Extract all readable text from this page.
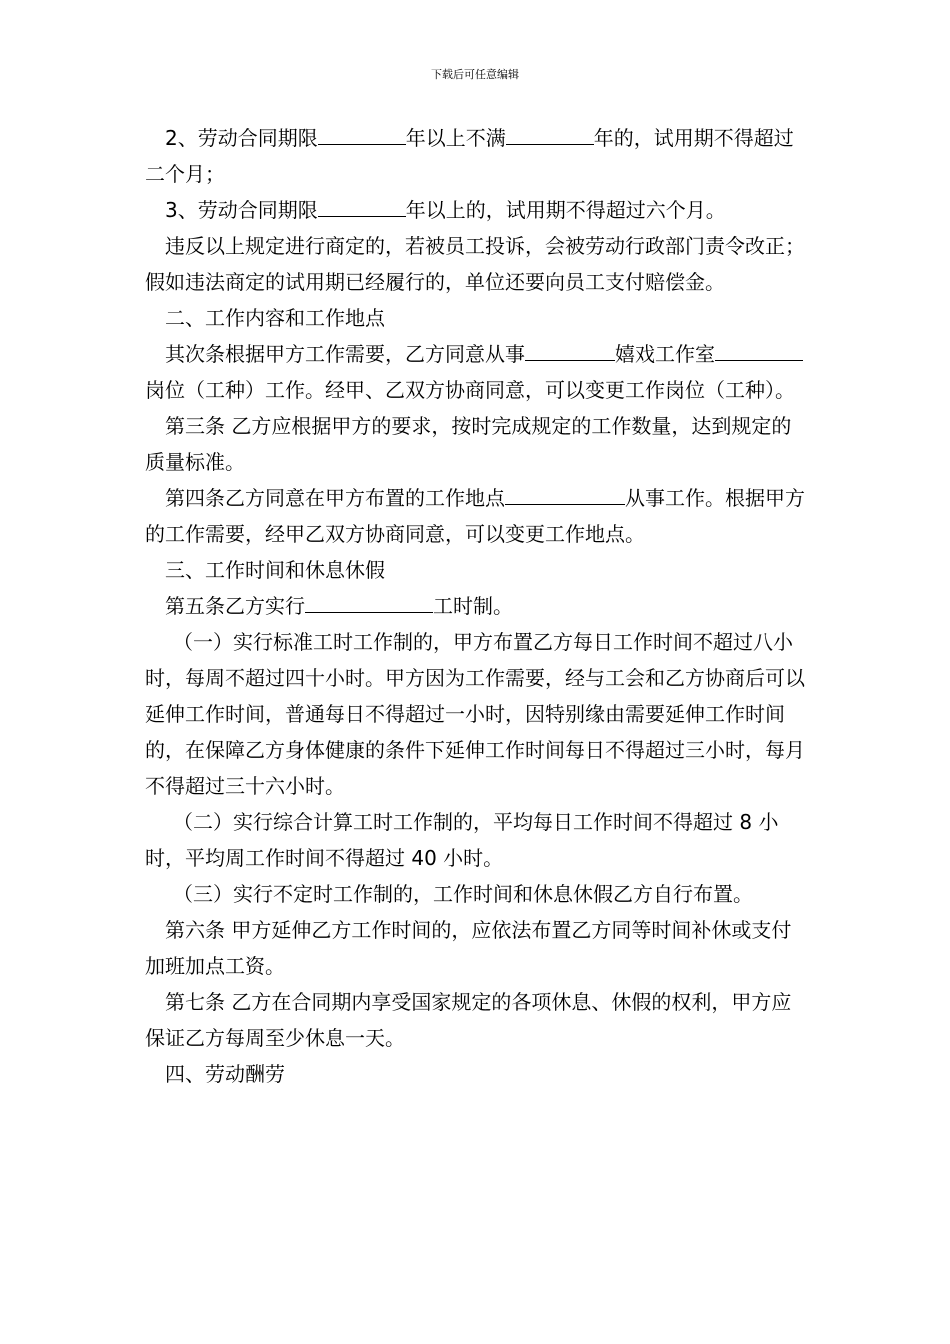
下载后可任意编辑

2、劳动合同期限	年以上不满	年的，试用期不得超过二个月；

3、劳动合同期限	年以上的，试用期不得超过六个月。

违反以上规定进行商定的，若被员工投诉，会被劳动行政部门责令改正；假如违法商定的试用期已经履行的，单位还要向员工支付赔偿金。

二、工作内容和工作地点

其次条根据甲方工作需要，乙方同意从事	嬉戏工作室岗位（工种）工作。经甲、乙双方协商同意，可以变更工作岗位（工种）。

第三条 乙方应根据甲方的要求，按时完成规定的工作数量，达到规定的质量标准。

第四条乙方同意在甲方布置的工作地点	从事工作。根据甲方的工作需要，经甲乙双方协商同意，可以变更工作地点。

三、工作时间和休息休假

第五条乙方实行	工时制。

（一）实行标准工时工作制的，甲方布置乙方每日工作时间不超过八小时，每周不超过四十小时。甲方因为工作需要，经与工会和乙方协商后可以延伸工作时间，普通每日不得超过一小时，因特别缘由需要延伸工作时间的，在保障乙方身体健康的条件下延伸工作时间每日不得超过三小时，每月不得超过三十六小时。

（二）实行综合计算工时工作制的，平均每日工作时间不得超过 8 小时，平均周工作时间不得超过 40 小时。

（三）实行不定时工作制的，工作时间和休息休假乙方自行布置。

第六条 甲方延伸乙方工作时间的，应依法布置乙方同等时间补休或支付加班加点工资。

第七条 乙方在合同期内享受国家规定的各项休息、休假的权利，甲方应保证乙方每周至少休息一天。

四、劳动酬劳
